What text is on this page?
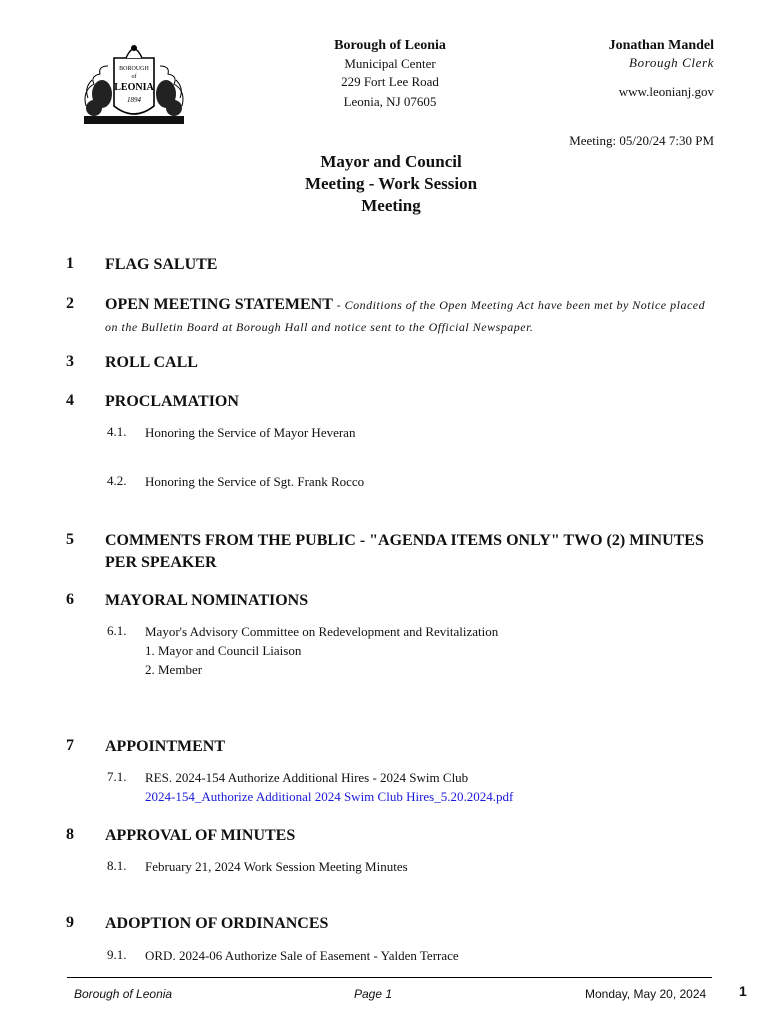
BOROUGH
of
LEONIA
1894
Borough of Leonia
Municipal Center
229 Fort Lee Road
Leonia, NJ 07605
Jonathan Mandel
Borough Clerk
www.leonianj.gov
Meeting: 05/20/24 7:30 PM
Mayor and Council
Meeting - Work Session
Meeting
1	FLAG SALUTE
2	OPEN MEETING STATEMENT - Conditions of the Open Meeting Act have been met by Notice placed on the Bulletin Board at Borough Hall and notice sent to the Official Newspaper.
3	ROLL CALL
4	PROCLAMATION
4.1.	Honoring the Service of Mayor Heveran
4.2.	Honoring the Service of Sgt. Frank Rocco
5	COMMENTS FROM THE PUBLIC - "AGENDA ITEMS ONLY" TWO (2) MINUTES PER SPEAKER
6	MAYORAL NOMINATIONS
6.1.	Mayor's Advisory Committee on Redevelopment and Revitalization
1. Mayor and Council Liaison
2. Member
7	APPOINTMENT
7.1.	RES. 2024-154 Authorize Additional Hires - 2024 Swim Club
2024-154_Authorize Additional 2024 Swim Club Hires_5.20.2024.pdf
8	APPROVAL OF MINUTES
8.1.	February 21, 2024 Work Session Meeting Minutes
9	ADOPTION OF ORDINANCES
9.1.	ORD. 2024-06 Authorize Sale of Easement - Yalden Terrace
Borough of Leonia	Page 1	Monday, May 20, 2024 1
